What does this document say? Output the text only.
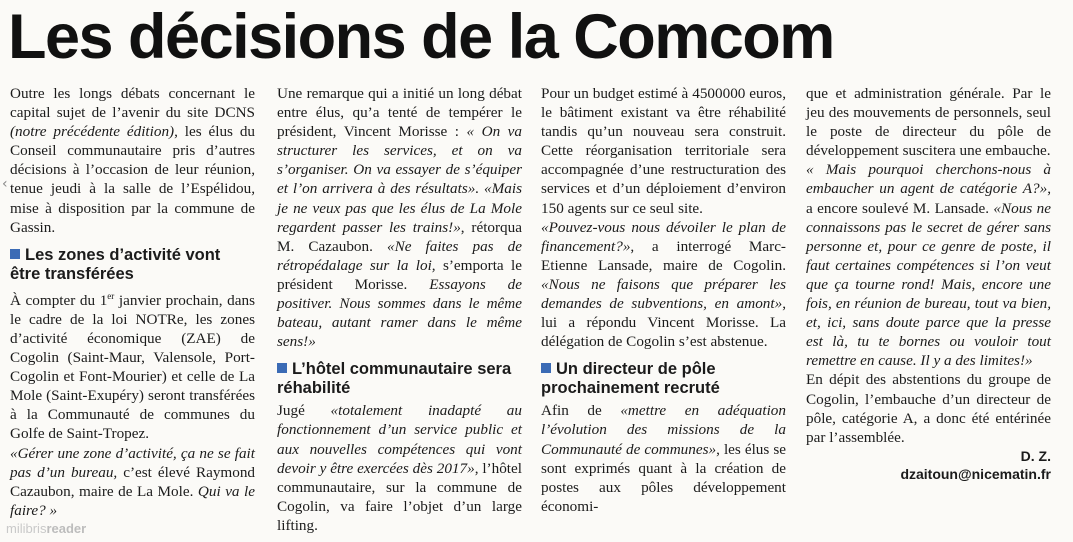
Les décisions de la Comcom
‹

Outre les longs débats concernant le capital sujet de l’avenir du site DCNS (notre précédente édition), les élus du Conseil communautaire pris d’autres décisions à l’occasion de leur réunion, tenue jeudi à la salle de l’Espélidou, mise à disposition par la commune de Gassin.

Les zones d’activité vont être transférées

À compter du 1er janvier prochain, dans le cadre de la loi NOTRe, les zones d’activité économique (ZAE) de Cogolin (Saint-Maur, Valensole, Port-Cogolin et Font-Mourier) et celle de La Mole (Saint-Exupéry) seront transférées à la Communauté de communes du Golfe de Saint-Tropez.

«Gérer une zone d’activité, ça ne se fait pas d’un bureau, c’est élevé Raymond Cazaubon, maire de La Mole. Qui va le faire? »

Une remarque qui a initié un long débat entre élus, qu’a tenté de tempérer le président, Vincent Morisse : « On va structurer les services, et on va s’organiser. On va essayer de s’équiper et l’on arrivera à des résultats». «Mais je ne veux pas que les élus de La Mole regardent passer les trains!», rétorqua M. Cazaubon. «Ne faites pas de rétropédalage sur la loi, s’emporta le président Morisse. Essayons de positiver. Nous sommes dans le même bateau, autant ramer dans le même sens!»

L’hôtel communautaire sera réhabilité

Jugé «totalement inadapté au fonctionnement d’un service public et aux nouvelles compétences qui vont devoir y être exercées dès 2017», l’hôtel communautaire, sur la commune de Cogolin, va faire l’objet d’un large lifting.

Pour un budget estimé à 4500000 euros, le bâtiment existant va être réhabilité tandis qu’un nouveau sera construit. Cette réorganisation territoriale sera accompagnée d’une restructuration des services et d’un déploiement d’environ 150 agents sur ce seul site.

«Pouvez-vous nous dévoiler le plan de financement?», a interrogé Marc-Etienne Lansade, maire de Cogolin. «Nous ne faisons que préparer les demandes de subventions, en amont», lui a répondu Vincent Morisse. La délégation de Cogolin s’est abstenue.

Un directeur de pôle prochainement recruté

Afin de «mettre en adéquation l’évolution des missions de la Communauté de communes», les élus se sont exprimés quant à la création de postes aux pôles développement économi-

que et administration générale. Par le jeu des mouvements de personnels, seul le poste de directeur du pôle de développement suscitera une embauche.

« Mais pourquoi cherchons-nous à embaucher un agent de catégorie A?», a encore soulevé M. Lansade. «Nous ne connaissons pas le secret de gérer sans personne et, pour ce genre de poste, il faut certaines compétences si l’on veut que ça tourne rond! Mais, encore une fois, en réunion de bureau, tout va bien, et, ici, sans doute parce que la presse est là, tu te bornes ou vouloir tout remettre en cause. Il y a des limites!»

En dépit des abstentions du groupe de Cogolin, l’embauche d’un directeur de pôle, catégorie A, a donc été entérinée par l’assemblée.

D. Z.
dzaitoun@nicematin.fr
milibrisreader
